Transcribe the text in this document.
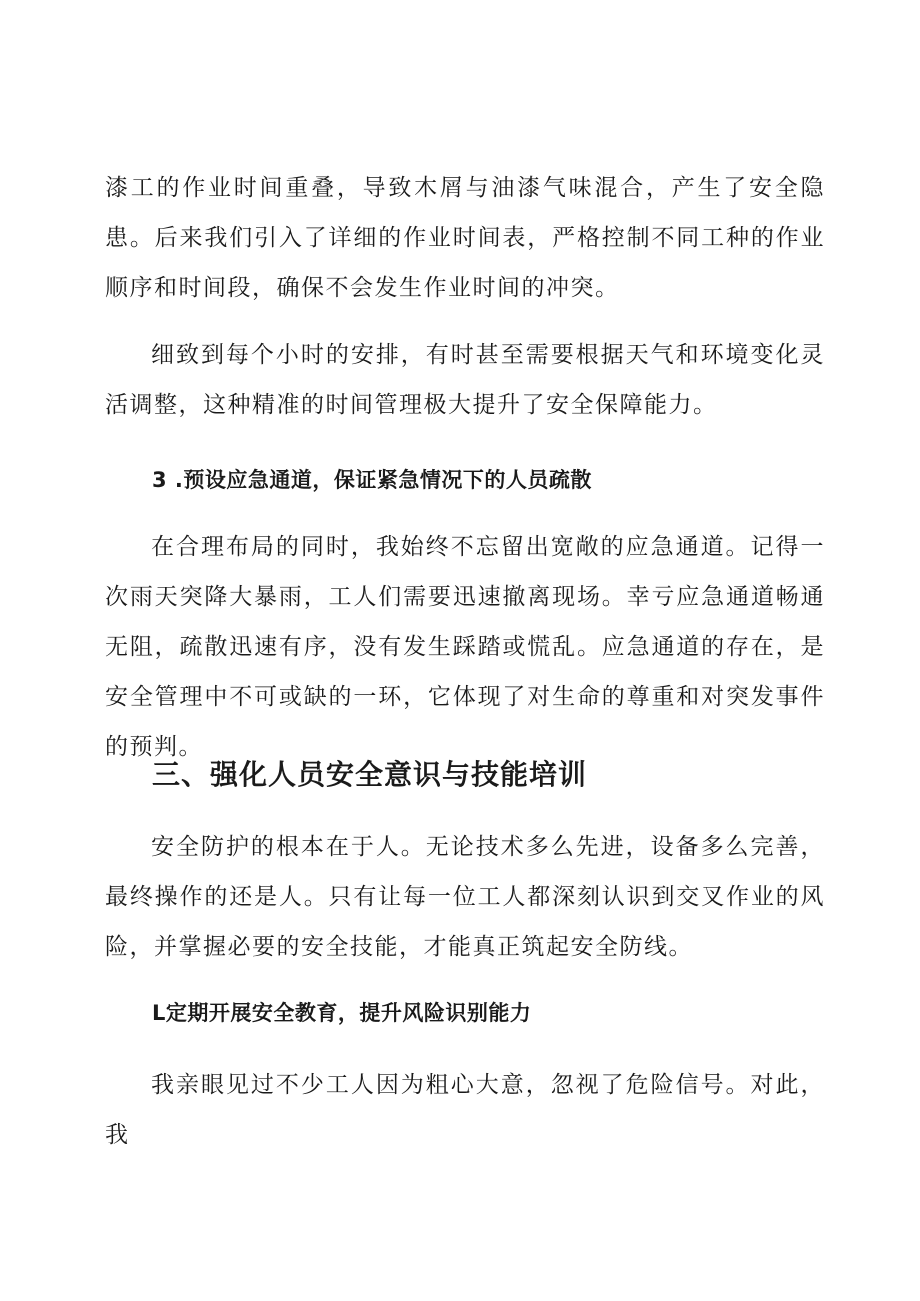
漆工的作业时间重叠，导致木屑与油漆气味混合，产生了安全隐患。后来我们引入了详细的作业时间表，严格控制不同工种的作业顺序和时间段，确保不会发生作业时间的冲突。

细致到每个小时的安排，有时甚至需要根据天气和环境变化灵活调整，这种精准的时间管理极大提升了安全保障能力。

3 .预设应急通道，保证紧急情况下的人员疏散

在合理布局的同时，我始终不忘留出宽敞的应急通道。记得一次雨天突降大暴雨，工人们需要迅速撤离现场。幸亏应急通道畅通无阻，疏散迅速有序，没有发生踩踏或慌乱。应急通道的存在，是安全管理中不可或缺的一环，它体现了对生命的尊重和对突发事件的预判。

三、强化人员安全意识与技能培训

安全防护的根本在于人。无论技术多么先进，设备多么完善，最终操作的还是人。只有让每一位工人都深刻认识到交叉作业的风险，并掌握必要的安全技能，才能真正筑起安全防线。

L定期开展安全教育，提升风险识别能力

我亲眼见过不少工人因为粗心大意，忽视了危险信号。对此，我
